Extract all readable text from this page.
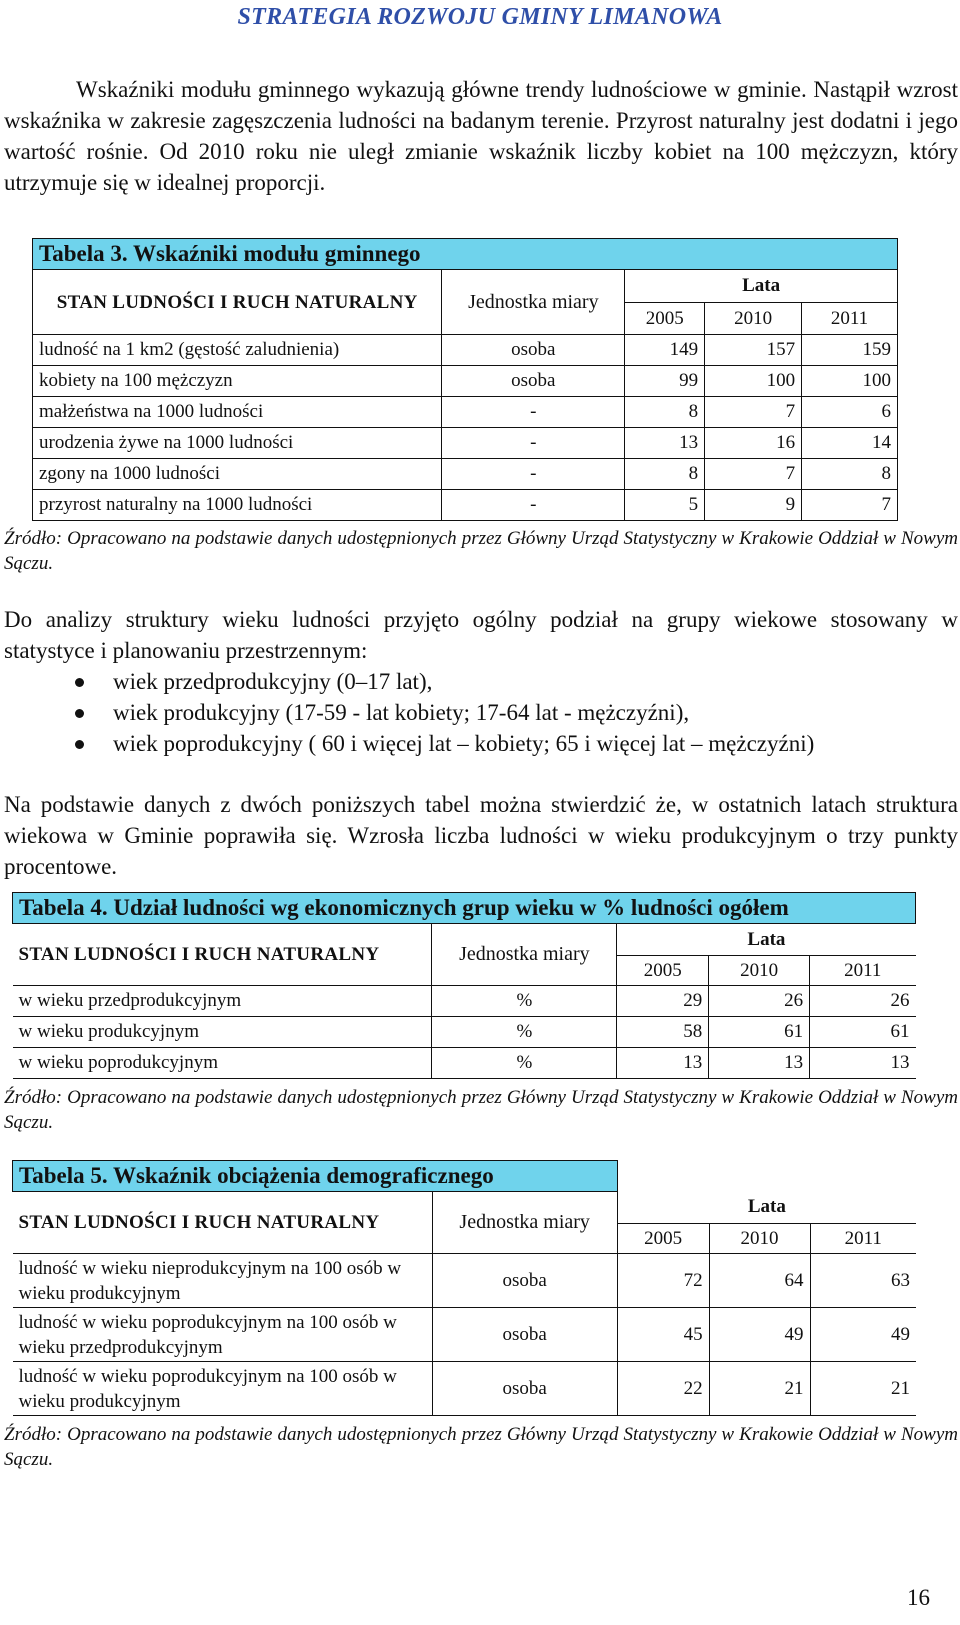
STRATEGIA ROZWOJU GMINY LIMANOWA

Wskaźniki modułu gminnego wykazują główne trendy ludnościowe w gminie. Nastąpił wzrost wskaźnika w zakresie zagęszczenia ludności na badanym terenie. Przyrost naturalny jest dodatni i jego wartość rośnie. Od 2010 roku nie uległ zmianie wskaźnik liczby kobiet na 100 mężczyzn, który utrzymuje się w idealnej proporcji.

Tabela 3. Wskaźniki modułu gminnego				
STAN LUDNOŚCI I RUCH NATURALNY	Jednostka miary	Lata		
		2005	2010	2011
ludność na 1 km2 (gęstość zaludnienia)	osoba	149	157	159
kobiety na 100 mężczyzn	osoba	99	100	100
małżeństwa na 1000 ludności	-	8	7	6
urodzenia żywe na 1000 ludności	-	13	16	14
zgony na 1000 ludności	-	8	7	8
przyrost naturalny na 1000 ludności	-	5	9	7

Źródło: Opracowano na podstawie danych udostępnionych przez Główny Urząd Statystyczny w Krakowie Oddział w Nowym Sączu.

Do analizy struktury wieku ludności przyjęto ogólny podział na grupy wiekowe stosowany w statystyce i planowaniu przestrzennym:

wiek przedprodukcyjny (0–17 lat),
wiek produkcyjny (17-59 - lat kobiety; 17-64 lat - mężczyźni),
wiek poprodukcyjny ( 60 i więcej lat – kobiety; 65 i więcej lat – mężczyźni)

Na podstawie danych z dwóch poniższych tabel można stwierdzić że, w ostatnich latach struktura wiekowa w Gminie poprawiła się. Wzrosła liczba ludności w wieku produkcyjnym o trzy punkty procentowe.

Tabela 4. Udział ludności wg ekonomicznych grup wieku w % ludności ogółem				
STAN LUDNOŚCI I RUCH NATURALNY	Jednostka miary	Lata		
		2005	2010	2011
w wieku przedprodukcyjnym	%	29	26	26
w wieku produkcyjnym	%	58	61	61
w wieku poprodukcyjnym	%	13	13	13

Źródło: Opracowano na podstawie danych udostępnionych przez Główny Urząd Statystyczny w Krakowie Oddział w Nowym Sączu.

Tabela 5. Wskaźnik obciążenia demograficznego				
STAN LUDNOŚCI I RUCH NATURALNY	Jednostka miary	Lata		
		2005	2010	2011
ludność w wieku nieprodukcyjnym na 100 osób w wieku produkcyjnym	osoba	72	64	63
ludność w wieku poprodukcyjnym na 100 osób w wieku przedprodukcyjnym	osoba	45	49	49
ludność w wieku poprodukcyjnym na 100 osób w wieku produkcyjnym	osoba	22	21	21

Źródło: Opracowano na podstawie danych udostępnionych przez Główny Urząd Statystyczny w Krakowie Oddział w Nowym Sączu.

16
